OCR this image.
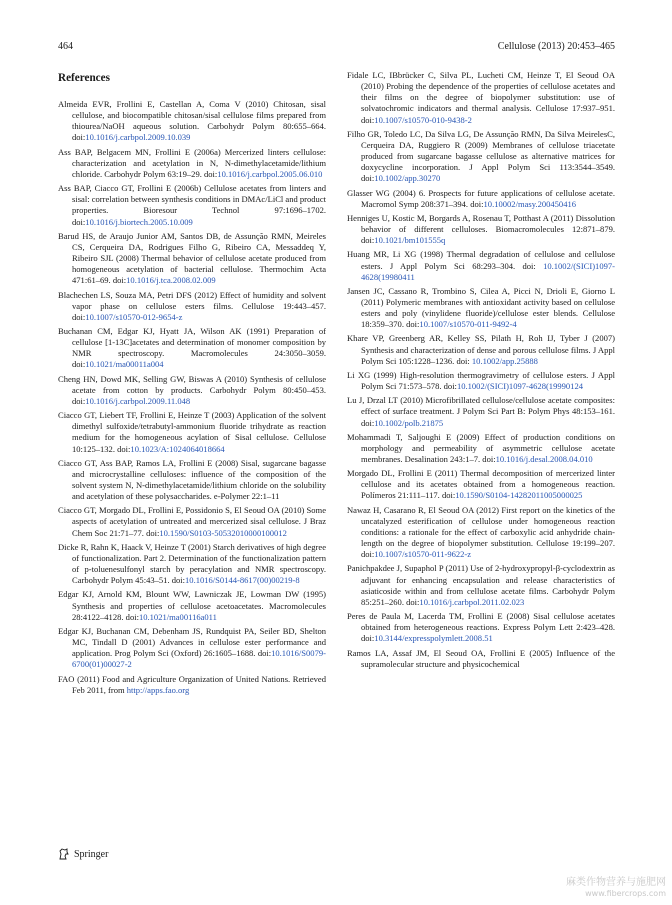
464	Cellulose (2013) 20:453–465
References

Almeida EVR, Frollini E, Castellan A, Coma V (2010) Chitosan, sisal cellulose, and biocompatible chitosan/sisal cellulose films prepared from thiourea/NaOH aqueous solution. Carbohydr Polym 80:655–664. doi:10.1016/j.carbpol.2009.10.039

Ass BAP, Belgacem MN, Frollini E (2006a) Mercerized linters cellulose: characterization and acetylation in N, N-dimethylacetamide/lithium chloride. Carbohydr Polym 63:19–29. doi:10.1016/j.carbpol.2005.06.010

Ass BAP, Ciacco GT, Frollini E (2006b) Cellulose acetates from linters and sisal: correlation between synthesis conditions in DMAc/LiCl and product properties. Bioresour Technol 97:1696–1702. doi:10.1016/j.biortech.2005.10.009

Barud HS, de Araujo Junior AM, Santos DB, de Assunção RMN, Meireles CS, Cerqueira DA, Rodrigues Filho G, Ribeiro CA, Messaddeq Y, Ribeiro SJL (2008) Thermal behavior of cellulose acetate produced from homogeneous acetylation of bacterial cellulose. Thermochim Acta 471:61–69. doi:10.1016/j.tca.2008.02.009

Blachechen LS, Souza MA, Petri DFS (2012) Effect of humidity and solvent vapor phase on cellulose esters films. Cellulose 19:443–457. doi:10.1007/s10570-012-9654-z

Buchanan CM, Edgar KJ, Hyatt JA, Wilson AK (1991) Preparation of cellulose [1-13C]acetates and determination of monomer composition by NMR spectroscopy. Macromolecules 24:3050–3059. doi:10.1021/ma00011a004

Cheng HN, Dowd MK, Selling GW, Biswas A (2010) Synthesis of cellulose acetate from cotton by products. Carbohydr Polym 80:450–453. doi:10.1016/j.carbpol.2009.11.048

Ciacco GT, Liebert TF, Frollini E, Heinze T (2003) Application of the solvent dimethyl sulfoxide/tetrabutyl-ammonium fluoride trihydrate as reaction medium for the homogeneous acylation of Sisal cellulose. Cellulose 10:125–132. doi:10.1023/A:1024064018664

Ciacco GT, Ass BAP, Ramos LA, Frollini E (2008) Sisal, sugarcane bagasse and microcrystalline celluloses: influence of the composition of the solvent system N, N-dimethylacetamide/lithium chloride on the solubility and acetylation of these polysaccharides. e-Polymer 22:1–11

Ciacco GT, Morgado DL, Frollini E, Possidonio S, El Seoud OA (2010) Some aspects of acetylation of untreated and mercerized sisal cellulose. J Braz Chem Soc 21:71–77. doi:10.1590/S0103-50532010000100012

Dicke R, Rahn K, Haack V, Heinze T (2001) Starch derivatives of high degree of functionalization. Part 2. Determination of the functionalization pattern of p-toluenesulfonyl starch by peracylation and NMR spectroscopy. Carbohydr Polym 45:43–51. doi:10.1016/S0144-8617(00)00219-8

Edgar KJ, Arnold KM, Blount WW, Lawniczak JE, Lowman DW (1995) Synthesis and properties of cellulose acetoacetates. Macromolecules 28:4122–4128. doi:10.1021/ma00116a011

Edgar KJ, Buchanan CM, Debenham JS, Rundquist PA, Seiler BD, Shelton MC, Tindall D (2001) Advances in cellulose ester performance and application. Prog Polym Sci (Oxford) 26:1605–1688. doi:10.1016/S0079-6700(01)00027-2

FAO (2011) Food and Agriculture Organization of United Nations. Retrieved Feb 2011, from http://apps.fao.org

Fidale LC, IBbrücker C, Silva PL, Lucheti CM, Heinze T, El Seoud OA (2010) Probing the dependence of the properties of cellulose acetates and their films on the degree of biopolymer substitution: use of solvatochromic indicators and thermal analysis. Cellulose 17:937–951. doi:10.1007/s10570-010-9438-2

Filho GR, Toledo LC, Da Silva LG, De Assunção RMN, Da Silva MeirelesC, Cerqueira DA, Ruggiero R (2009) Membranes of cellulose triacetate produced from sugarcane bagasse cellulose as alternative matrices for doxycycline incorporation. J Appl Polym Sci 113:3544–3549. doi:10.1002/app.30270

Glasser WG (2004) 6. Prospects for future applications of cellulose acetate. Macromol Symp 208:371–394. doi:10.10002/masy.200450416

Henniges U, Kostic M, Borgards A, Rosenau T, Potthast A (2011) Dissolution behavior of different celluloses. Biomacromolecules 12:871–879. doi:10.1021/bm101555q

Huang MR, Li XG (1998) Thermal degradation of cellulose and cellulose esters. J Appl Polym Sci 68:293–304. doi: 10.1002/(SICI)1097-4628(19980411

Jansen JC, Cassano R, Trombino S, Cilea A, Picci N, Drioli E, Giorno L (2011) Polymeric membranes with antioxidant activity based on cellulose esters and poly (vinylidene fluoride)/cellulose ester blends. Cellulose 18:359–370. doi:10.1007/s10570-011-9492-4

Khare VP, Greenberg AR, Kelley SS, Pilath H, Roh IJ, Tyber J (2007) Synthesis and characterization of dense and porous cellulose films. J Appl Polym Sci 105:1228–1236. doi: 10.1002/app.25888

Li XG (1999) High-resolution thermogravimetry of cellulose esters. J Appl Polym Sci 71:573–578. doi:10.1002/(SICI)1097-4628(19990124

Lu J, Drzal LT (2010) Microfibrillated cellulose/cellulose acetate composites: effect of surface treatment. J Polym Sci Part B: Polym Phys 48:153–161. doi:10.1002/polb.21875

Mohammadi T, Saljoughi E (2009) Effect of production conditions on morphology and permeability of asymmetric cellulose acetate membranes. Desalination 243:1–7. doi:10.1016/j.desal.2008.04.010

Morgado DL, Frollini E (2011) Thermal decomposition of mercerized linter cellulose and its acetates obtained from a homogeneous reaction. Polímeros 21:111–117. doi:10.1590/S0104-14282011005000025

Nawaz H, Casarano R, El Seoud OA (2012) First report on the kinetics of the uncatalyzed esterification of cellulose under homogeneous reaction conditions: a rationale for the effect of carboxylic acid anhydride chain-length on the degree of biopolymer substitution. Cellulose 19:199–207. doi:10.1007/s10570-011-9622-z

Panichpakdee J, Supaphol P (2011) Use of 2-hydroxypropyl-β-cyclodextrin as adjuvant for enhancing encapsulation and release characteristics of asiaticoside within and from cellulose acetate films. Carbohydr Polym 85:251–260. doi:10.1016/j.carbpol.2011.02.023

Peres de Paula M, Lacerda TM, Frollini E (2008) Sisal cellulose acetates obtained from heterogeneous reactions. Express Polym Lett 2:423–428. doi:10.3144/expresspolymlett.2008.51

Ramos LA, Assaf JM, El Seoud OA, Frollini E (2005) Influence of the supramolecular structure and physicochemical

Springer
麻类作物营养与施肥网
www.fibercrops.com
